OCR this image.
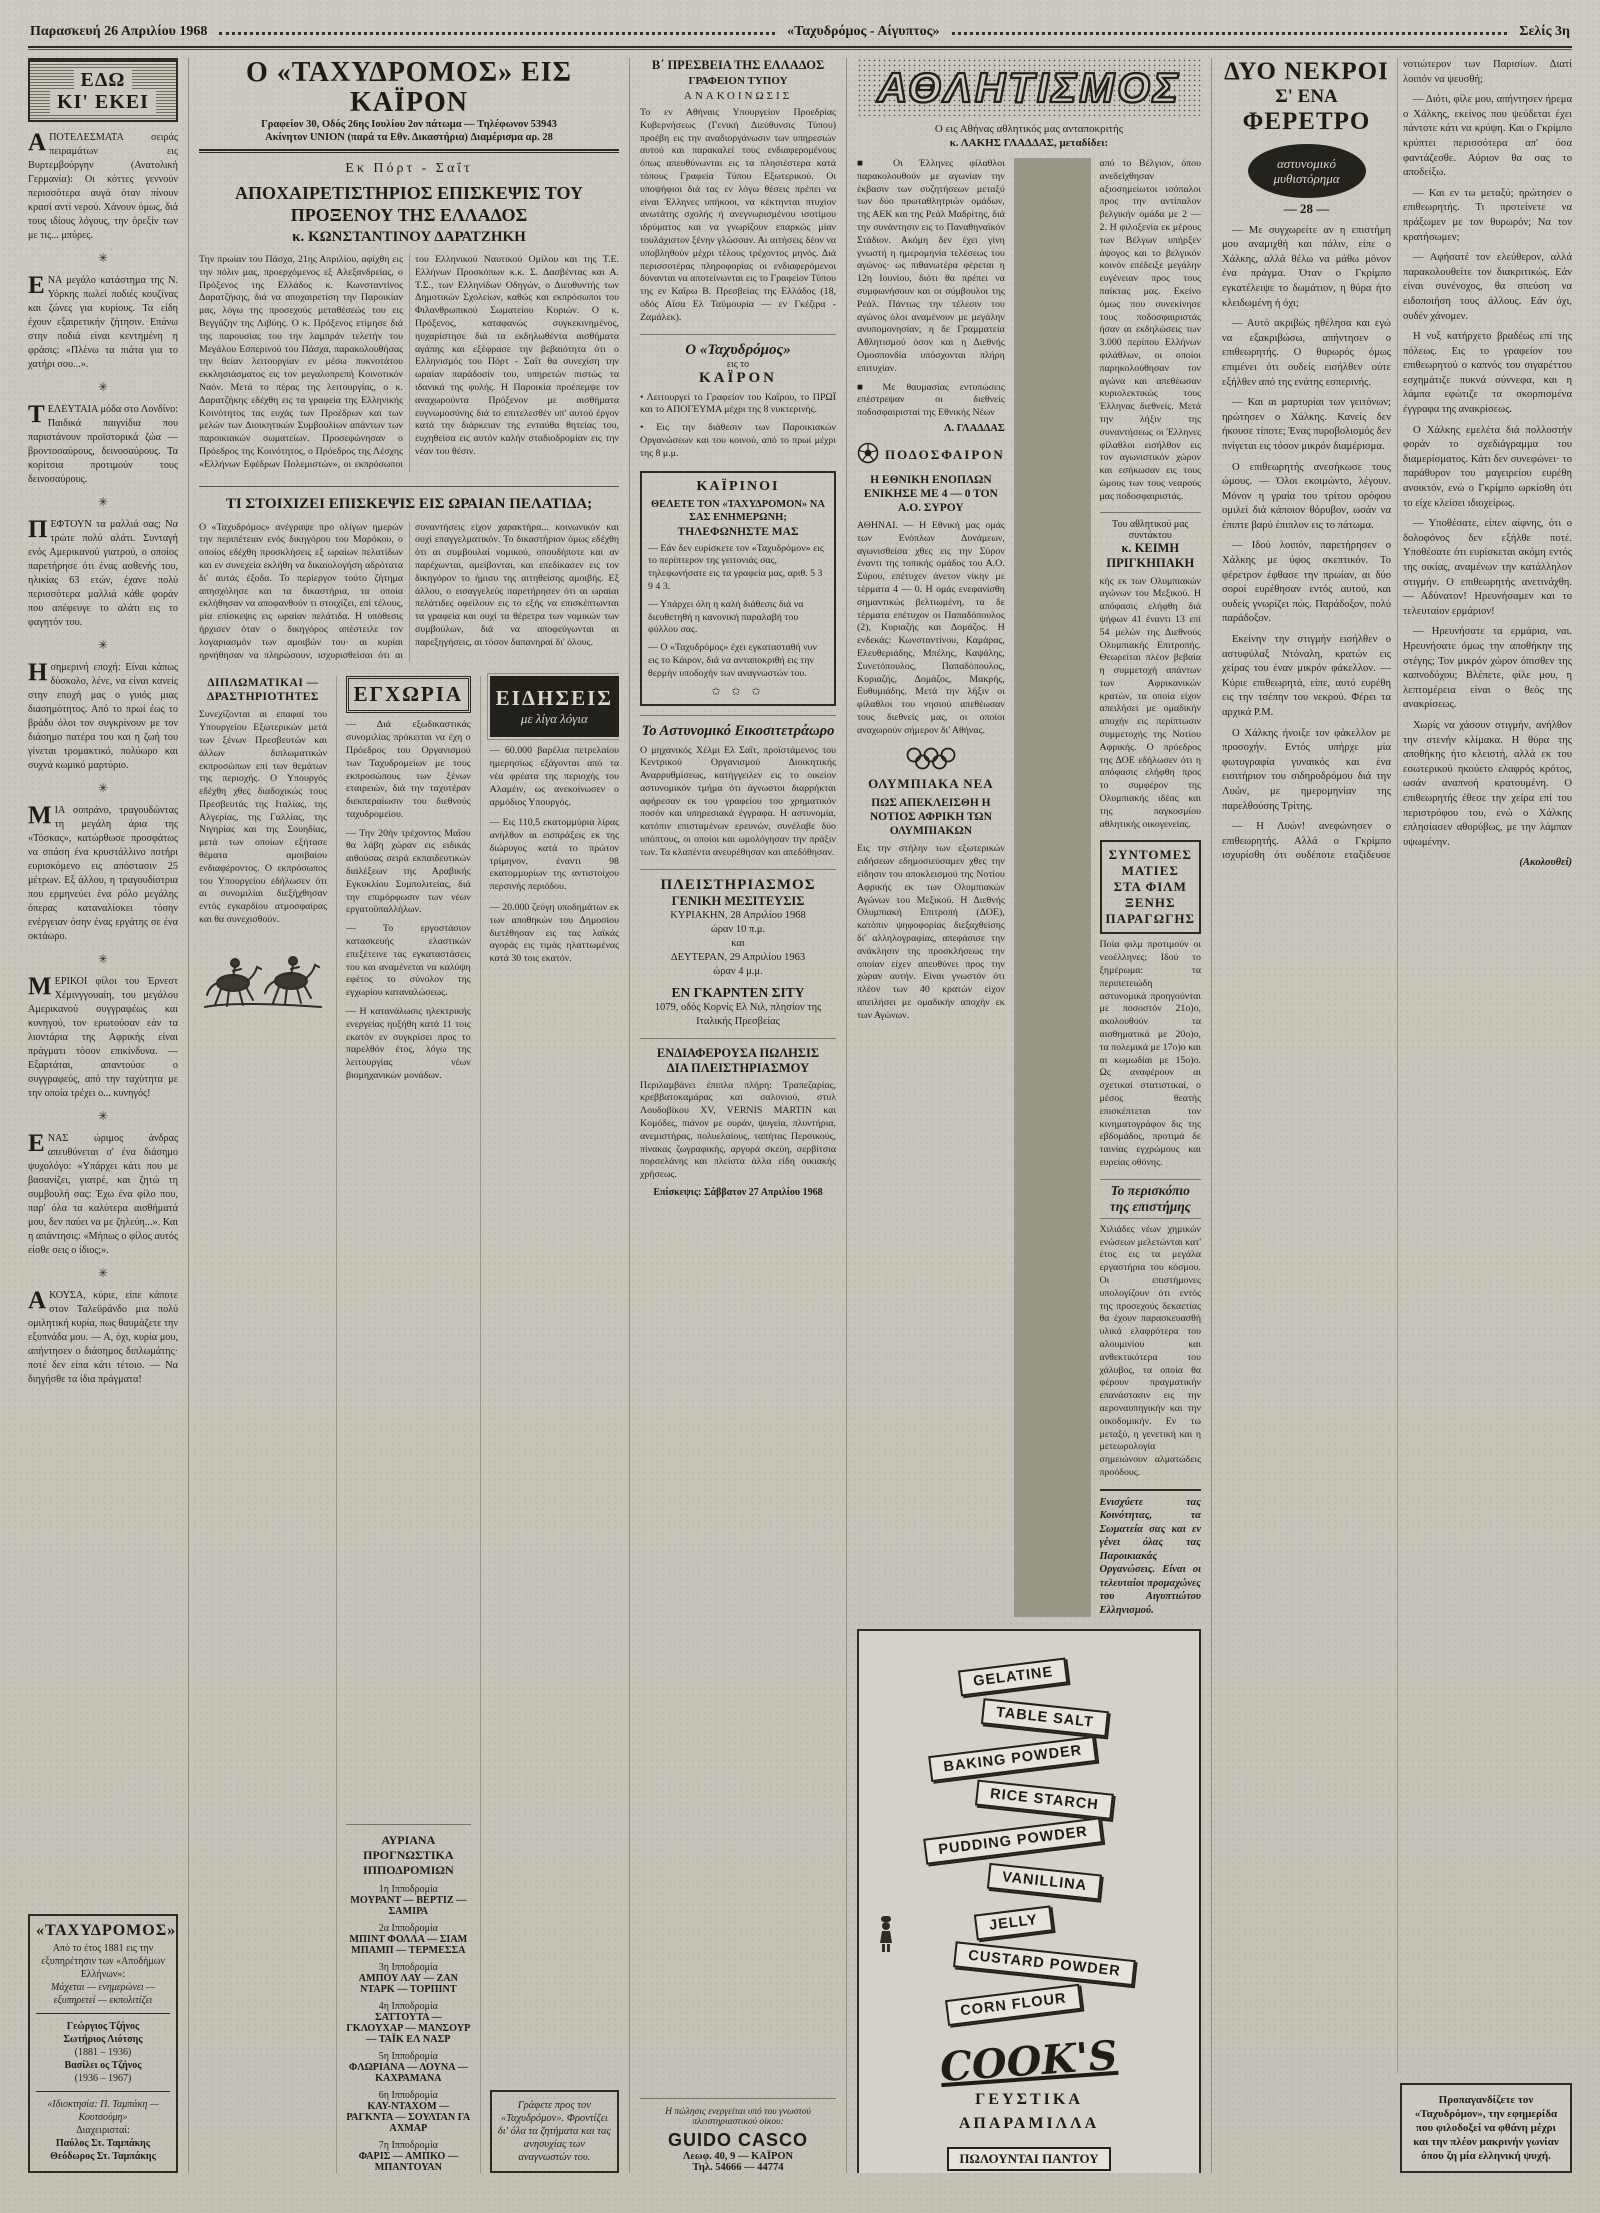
Παρασκευή 26 Απριλίου 1968	«Ταχυδρόμος - Αίγυπτος»	Σελίς 3η
ΕΔΩ
ΚΙ' ΕΚΕΙ
ΑΠΟΤΕΛΕΣΜΑΤΑ σειράς πειραμάτων εις Βυρτεμβούργην (Ανατολική Γερμανία): Οι κόττες γεννούν περισσότερα αυγά όταν πίνουν κρασί αντί νερού. Χάνουν όμως, διά τους ιδίους λόγους, την όρεξίν των με τις... μπύρες.
✳
ΕΝΑ μεγάλο κατάστημα της Ν. Υόρκης πωλεί ποδιές κουζίνας και ζώνες για κυρίους. Τα είδη έχουν εξαιρετικήν ζήτησιν. Επάνω στην ποδιά είναι κεντημένη η φράσις: «Πλένω τα πιάτα για το χατήρι σου...».
✳
ΤΕΛΕΥΤΑΙΑ μόδα στο Λονδίνο: Παιδικά παιγνίδια που παριστάνουν προϊστορικά ζώα — βροντοσαύρους, δεινοσαύρους. Τα κορίτσια προτιμούν τους δεινοσαύρους.
✳
ΠΕΦΤΟΥΝ τα μαλλιά σας; Να τρώτε πολύ αλάτι. Συνταγή ενός Αμερικανού γιατρού, ο οποίος παρετήρησε ότι ένας ασθενής του, ηλικίας 63 ετών, έχανε πολύ περισσότερα μαλλιά κάθε φοράν που απέφευγε το αλάτι εις το φαγητόν του.
✳
Ησημερινή εποχή: Είναι κάπως δύσκολο, λένε, να είναι κανείς στην εποχή μας ο γυιός μιας διασημότητος. Από το πρωί έως το βράδυ όλοι τον συγκρίνουν με τον διάσημο πατέρα του και η ζωή του γίνεται τρομακτικό, πολύωρο και συχνά κωμικό μαρτύριο.
✳
ΜΙΑ σοπράνο, τραγουδώντας τη μεγάλη άρια της «Τόσκας», κατώρθωσε προσφάτως να σπάση ένα κρυστάλλινο ποτήρι ευρισκόμενο εις απόστασιν 25 μέτρων. Εξ άλλου, η τραγουδίστρια που ερμηνεύει ένα ρόλο μεγάλης όπερας καταναλίσκει τόσην ενέργειαν όσην ένας εργάτης σε ένα οκτάωρο.
✳
ΜΕΡΙΚΟΙ φίλοι του Έρνεστ Χέμινγγουαίη, του μεγάλου Αμερικανού συγγραφέως και κυνηγού, τον ερωτούσαν εάν τα λιοντάρια της Αφρικής είναι πράγματι τόσον επικίνδυνα. — Εξαρτάται, απαντούσε ο συγγραφεύς, από την ταχύτητα με την οποία τρέχει ο... κυνηγός!
✳
ΕΝΑΣ ώριμος άνδρας απευθύνεται σ' ένα διάσημο ψυχολόγο: «Υπάρχει κάτι που με βασανίζει, γιατρέ, και ζητώ τη συμβουλή σας: Έχω ένα φίλο που, παρ' όλα τα καλύτερα αισθήματά μου, δεν παύει να με ζηλεύη...». Και η απάντησις: «Μήπως ο φίλος αυτός είσθε σεις ο ίδιος;».
✳
ΑΚΟΥΣΑ, κύριε, είπε κάποτε στον Ταλεϋράνδο μια πολύ ομιλητική κυρία, πως θαυμάζετε την εξυπνάδα μου. — Α, όχι, κυρία μου, απήντησεν ο διάσημος διπλωμάτης· ποτέ δεν είπα κάτι τέτοιο. — Να διηγήσθε τα ίδια πράγματα!
«ΤΑΧΥΔΡΟΜΟΣ»
Από το έτος 1881 εις την εξυπηρέτησιν των «Αποδήμων Ελλήνων»:
Μάχεται — ενημερώνει — εξυπηρετεί — εκπολιτίζει
Γεώργιος Τζήνος
Σωτήριος Λιότσης
(1881 – 1936)
Βασίλει ος Τζήνος
(1936 – 1967)
«Ιδιοκτησία: Π. Ταμπάκη — Κουτσούμη»
Διαχειρισταί:
Παύλος Στ. Ταμπάκης
Θεόδωρος Στ. Ταμπάκης
Ο «ΤΑΧΥΔΡΟΜΟΣ» ΕΙΣ ΚΑΪΡΟΝ
Γραφείον 30, Οδός 26ης Ιουλίου 2ον πάτωμα — Τηλέφωνον 53943
Ακίνητον UNION (παρά τα Εθν. Δικαστήρια) Διαμέρισμα αρ. 28
Εκ Πόρτ - Σαΐτ
ΑΠΟΧΑΙΡΕΤΙΣΤΗΡΙΟΣ ΕΠΙΣΚΕΨΙΣ ΤΟΥ ΠΡΟΞΕΝΟΥ ΤΗΣ ΕΛΛΑΔΟΣ
κ. ΚΩΝΣΤΑΝΤΙΝΟΥ ΔΑΡΑΤΖΗΚΗ
Την πρωίαν του Πάσχα, 21ης Απριλίου, αφίχθη εις την πόλιν μας, προερχόμενος εξ Αλεξανδρείας, ο Πρόξενος της Ελλάδος κ. Κωνσταντίνος Δαρατζήκης, διά να αποχαιρετίση την Παροικίαν μας, λόγω της προσεχούς μεταθέσεώς του εις Βεγγάζην της Λιβύης. Ο κ. Πρόξενος ετίμησε διά της παρουσίας του την λαμπράν τελετήν του Μεγάλου Εσπερινού του Πάσχα, παρακολουθήσας την θείαν λειτουργίαν εν μέσω πυκνοτάτου εκκλησιάσματος εις τον μεγαλοπρεπή Κοινοτικόν Ναόν. Μετά το πέρας της λειτουργίας, ο κ. Δαρατζήκης εδέχθη εις τα γραφεία της Ελληνικής Κοινότητος τας ευχάς των Προέδρων και των μελών των Διοικητικών Συμβουλίων απάντων των παροικιακών σωματείων. Προσεφώνησαν ο Πρόεδρος της Κοινότητος, ο Πρόεδρος της Λέσχης «Ελλήνων Εφέδρων Πολεμιστών», οι εκπρόσωποι του Ελληνικού Ναυτικού Ομίλου και της Τ.Ε. Ελλήνων Προσκόπων κ.κ. Σ. Δασβέντας και Α. Τ.Σ., των Ελληνίδων Οδηγών, ο Διευθυντής των Δημοτικών Σχολείων, καθώς και εκπρόσωποι του Φιλανθρωπικού Σωματείου Κυριών. Ο κ. Πρόξενος, καταφανώς συγκεκινημένος, ηυχαρίστησε διά τα εκδηλωθέντα αισθήματα αγάπης και εξέφρασε την βεβαιότητα ότι ο Ελληνισμός του Πόρτ - Σαΐτ θα συνεχίση την ωραίαν παράδοσίν του, υπηρετών πιστώς τα ιδανικά της φυλής. Η Παροικία προέπεμψε τον αναχωρούντα Πρόξενον με αισθήματα ευγνωμοσύνης διά το επιτελεσθέν υπ' αυτού έργον κατά την διάρκειαν της ενταύθα θητείας του, ευχηθείσα εις αυτόν καλήν σταδιοδρομίαν εις την νέαν του θέσιν.
ΤΙ ΣΤΟΙΧΙΖΕΙ ΕΠΙΣΚΕΨΙΣ ΕΙΣ ΩΡΑΙΑΝ ΠΕΛΑΤΙΔΑ;
Ο «Ταχυδρόμος» ανέγραψε προ ολίγων ημερών την περιπέτειαν ενός δικηγόρου του Μαρόκου, ο οποίος εδέχθη προσκλήσεις εξ ωραίων πελατίδων και εν συνεχεία εκλήθη να δικαιολογήση αδρότατα δι' αυτάς έξοδα. Το περίεργον τούτο ζήτημα απησχόλησε και τα δικαστήρια, τα οποία εκλήθησαν να αποφανθούν τι στοιχίζει, επί τέλους, μία επίσκεψις εις ωραίαν πελάτιδα. Η υπόθεσις ήρχισεν όταν ο δικηγόρος απέστειλε τον λογαριασμόν των αμοιβών του· αι κυρίαι ηρνήθησαν να πληρώσουν, ισχυρισθείσαι ότι αι συναντήσεις είχον χαρακτήρα... κοινωνικόν και ουχί επαγγελματικόν. Το δικαστήριον όμως εδέχθη ότι αι συμβουλαί νομικού, οπουδήποτε και αν παρέχωνται, αμείβονται, και επεδίκασεν εις τον δικηγόρον το ήμισυ της αιτηθείσης αμοιβής. Εξ άλλου, ο εισαγγελεύς παρετήρησεν ότι αι ωραίαι πελάτιδες οφείλουν εις το εξής να επισκέπτωνται τα γραφεία και ουχί τα θέρετρα των νομικών των συμβούλων, διά να αποφεύγωνται αι παρεξηγήσεις, αι τόσον δαπανηραί δι' όλους.
ΔΙΠΛΩΜΑΤΙΚΑΙ — ΔΡΑΣΤΗΡΙΟΤΗΤΕΣ
Συνεχίζονται αι επαφαί του Υπουργείου Εξωτερικών μετά των ξένων Πρεσβευτών και άλλων διπλωματικών εκπροσώπων επί των θεμάτων της περιοχής. Ο Υπουργός εδέχθη χθες διαδοχικώς τους Πρεσβευτάς της Ιταλίας, της Αλγερίας, της Γαλλίας, της Νιγηρίας και της Σουηδίας, μετά των οποίων εξήτασε θέματα αμοιβαίου ενδιαφέροντος. Ο εκπρόσωπος του Υπουργείου εδήλωσεν ότι αι συνομιλίαι διεξήχθησαν εντός εγκαρδίου ατμοσφαίρας και θα συνεχισθούν.
ΕΓΧΩΡΙΑ

— Διά εξωδικαστικάς συνομιλίας πρόκειται να έχη ο Πρόεδρος του Οργανισμού των Ταχυδρομείων με τους εκπροσώπους των ξένων εταιρειών, διά την ταχυτέραν διεκπεραίωσιν του διεθνούς ταχυδρομείου.

— Την 20ήν τρέχοντος Μαΐου θα λάβη χώραν εις ειδικάς αιθούσας σειρά εκπαιδευτικών διαλέξεων της Αραβικής Εγκυκλίου Συμπολιτείας, διά την επιμόρφωσιν των νέων εργατοϋπαλλήλων.

— Το εργοστάσιον κατασκευής ελαστικών επεξέτεινε τας εγκαταστάσεις του και αναμένεται να καλύψη εφέτος το σύνολον της εγχωρίου καταναλώσεως.

— Η κατανάλωσις ηλεκτρικής ενεργείας ηυξήθη κατά 11 τοις εκατόν εν συγκρίσει προς το παρελθόν έτος, λόγω της λειτουργίας νέων βιομηχανικών μονάδων.

ΑΥΡΙΑΝΑ ΠΡΟΓΝΩΣΤΙΚΑ
ΙΠΠΟΔΡΟΜΙΩΝ
1η Ιπποδρομία
ΜΟΥΡΑΝΤ — ΒΕΡΤΙΖ — ΣΑΜΙΡΑ
2α Ιπποδρομία
ΜΠΙΝΤ ΦΟΛΛΑ — ΣΙΑΜ ΜΠΑΜΠ — ΤΕΡΜΕΣΣΑ
3η Ιπποδρομία
ΑΜΠΟΥ ΛΑΥ — ΖΑΝ ΝΤΑΡΚ — ΤΟΡΠΙΝΤ
4η Ιπποδρομία
ΣΑΤΤΟΥΤΑ — ΓΚΛΟΥΧΑΡ — ΜΑΝΣΟΥΡ — ΤΑΪΚ ΕΛ ΝΑΣΡ
5η Ιπποδρομία
ΦΛΩΡΙΑΝΑ — ΛΟΥΝΑ — ΚΑΧΡΑΜΑΝΑ
6η Ιπποδρομία
ΚΑΥ-ΝΤΑΧΟΜ — ΡΑΓΚΝΤΑ — ΣΟΥΛΤΑΝ ΓΑ ΑΧΜΑΡ
7η Ιπποδρομία
ΦΑΡΙΣ — ΑΜΠΚΟ — ΜΠΑΝΤΟΥΑΝ
ΕΙΔΗΣΕΙΣ
με λίγα λόγια

— 60.000 βαρέλια πετρελαίου ημερησίως εξάγονται από τα νέα φρέατα της περιοχής του Αλαμέιν, ως ανεκοίνωσεν ο αρμόδιος Υπουργός.

— Εις 110,5 εκατομμύρια λίρας ανήλθον αι εισπράξεις εκ της διώρυγος κατά το πρώτον τρίμηνον, έναντι 98 εκατομμυρίων της αντιστοίχου περσινής περιόδου.

— 20.000 ζεύγη υποδημάτων εκ των αποθηκών του Δημοσίου διετέθησαν εις τας λαϊκάς αγοράς εις τιμάς ηλαττωμένας κατά 30 τοις εκατόν.

Γράφετε προς τον «Ταχυδρόμον». Φροντίζει δι' όλα τα ζητήματα και τας ανησυχίας των αναγνωστών του.
Β΄ ΠΡΕΣΒΕΙΑ ΤΗΣ ΕΛΛΑΔΟΣ
ΓΡΑΦΕΙΟΝ ΤΥΠΟΥ
ΑΝΑΚΟΙΝΩΣΙΣ
Το εν Αθήναις Υπουργείον Προεδρίας Κυβερνήσεως (Γενική Διεύθυνσις Τύπου) προέβη εις την αναδιοργάνωσιν των υπηρεσιών αυτού και παρακαλεί τους ενδιαφερομένους όπως απευθύνωνται εις τα πλησιέστερα κατά τόπους Γραφεία Τύπου Εξωτερικού. Οι υποψήφιοι διά τας εν λόγω θέσεις πρέπει να είναι Έλληνες υπήκοοι, να κέκτηνται πτυχίον ανωτάτης σχολής ή ανεγνωρισμένου ισοτίμου ιδρύματος και να γνωρίζουν επαρκώς μίαν τουλάχιστον ξένην γλώσσαν. Αι αιτήσεις δέον να υποβληθούν μέχρι τέλους τρέχοντος μηνός. Διά περισσοτέρας πληροφορίας οι ενδιαφερόμενοι δύνανται να αποτείνωνται εις το Γραφείον Τύπου της εν Καΐρω Β. Πρεσβείας της Ελλάδος (18, οδός Αΐσα Ελ Ταϋμουρία — εν Γκέζιρα - Ζαμάλεκ).
Ο «Ταχυδρόμος»
εις το
ΚΑΪΡΟΝ

• Λειτουργεί το Γραφείον του Καΐρου, το ΠΡΩΪ και το ΑΠΟΓΕΥΜΑ μέχρι της 8 νυκτερινής.

• Εις την διάθεσιν των Παροικιακών Οργανώσεων και του κοινού, από το πρωί μέχρι της 8 μ.μ.

ΚΑΪΡΙΝΟΙ
ΘΕΛΕΤΕ ΤΟΝ «ΤΑΧΥΔΡΟΜΟΝ» ΝΑ ΣΑΣ ΕΝΗΜΕΡΩΝΗ;
ΤΗΛΕΦΩΝΗΣΤΕ ΜΑΣ

— Εάν δεν ευρίσκετε τον «Ταχυδρόμον» εις το περίπτερον της γειτονιάς σας, τηλεφωνήσατε εις τα γραφεία μας, αριθ. 5 3 9 4 3.

— Υπάρχει όλη η καλή διάθεσις διά να διευθετηθή η κανονική παραλαβή του φύλλου σας.

— Ο «Ταχυδρόμος» έχει εγκατασταθή νυν εις το Κάιρον, διά να ανταποκριθή εις την θερμήν υποδοχήν των αναγνωστών του.

✩ ✩ ✩
Το Αστυνομικό Εικοσιτετράωρο
Ο μηχανικός Χέλμι Ελ Σαΐτ, προϊστάμενος του Κεντρικού Οργανισμού Διοικητικής Αναρρυθμίσεως, κατήγγειλεν εις το οικείον αστυνομικόν τμήμα ότι άγνωστοι διαρρήκται αφήρεσαν εκ του γραφείου του χρηματικόν ποσόν και υπηρεσιακά έγγραφα. Η αστυνομία, κατόπιν επισταμένων ερευνών, συνέλαβε δύο υπόπτους, οι οποίοι και ωμολόγησαν την πράξιν των. Τα κλαπέντα ανευρέθησαν και απεδόθησαν.
ΠΛΕΙΣΤΗΡΙΑΣΜΟΣ
ΓΕΝΙΚΗ ΜΕΣΙΤΕΥΣΙΣ
ΚΥΡΙΑΚΗΝ, 28 Απριλίου 1968
ώραν 10 π.μ.
και
ΔΕΥΤΕΡΑΝ, 29 Απριλίου 1963
ώραν 4 μ.μ.
ΕΝ ΓΚΑΡΝΤΕΝ ΣΙΤΥ
1079, οδός Κορνίς Ελ Νιλ, πλησίον της Ιταλικής Πρεσβείας
ΕΝΔΙΑΦΕΡΟΥΣΑ ΠΩΛΗΣΙΣ
ΔΙΑ ΠΛΕΙΣΤΗΡΙΑΣΜΟΥ
Περιλαμβάνει έπιπλα πλήρη: Τραπεζαρίας, κρεββατοκαμάρας και σαλονιού, στυλ Λουδοβίκου XV, VERNIS MARTIN και Κομόδες, πιάνον με ουράν, ψυγεία, πλυντήρια, ανεμιστήρας, πολυελαίους, ταπήτας Περσικούς, πίνακας ζωγραφικής, αργυρά σκεύη, σερβίτσια πορσελάνης και πλείστα άλλα είδη οικιακής χρήσεως.
Επίσκεψις: Σάββατον 27 Απριλίου 1968
Η πώλησις ενεργείται υπό του γνωστού πλειστηριαστικού οίκου:
GUIDO CASCO
Λεωφ. 40, 9 — ΚΑΪΡΟΝ
Τηλ. 54666 — 44774
ΑΘΛΗΤΙΣΜΟΣ
Ο εις Αθήνας αθλητικός μας ανταποκριτής
κ. ΛΑΚΗΣ ΓΛΑΔΔΑΣ, μεταδίδει:

■ Οι Έλληνες φίλαθλοι παρακολουθούν με αγωνίαν την έκβασιν των συζητήσεων μεταξύ των δύο πρωταθλητριών ομάδων, της ΑΕΚ και της Ρεάλ Μαδρίτης, διά την συνάντησιν εις το Παναθηναϊκόν Στάδιον. Ακόμη δεν έχει γίνη γνωστή η ημερομηνία τελέσεως του αγώνος· ως πιθανωτέρα φέρεται η 12η Ιουνίου, διότι θα πρέπει να συμφωνήσουν και οι σύμβουλοι της Ρεάλ. Πάντως την τέλεσιν του αγώνος όλοι αναμένουν με μεγάλην ανυπομονησίαν, η δε Γραμματεία Αθλητισμού όσον και η Διεθνής Ομοσπονδία υπόσχονται πλήρη επιτυχίαν.

■ Με θαυμασίας εντυπώσεις επέστρεψαν οι διεθνείς ποδοσφαιρισταί της Εθνικής Νέων

Λ. ΓΛΑΔΔΑΣ
ΠΟΔΟΣΦΑΙΡΟΝ
Η ΕΘΝΙΚΗ ΕΝΟΠΛΩΝ ΕΝΙΚΗΣΕ ΜΕ 4 — 0 ΤΟΝ Α.Ο. ΣΥΡΟΥ
ΑΘΗΝΑΙ. — Η Εθνική μας ομάς των Ενόπλων Δυνάμεων, αγωνισθείσα χθες εις την Σύρον έναντι της τοπικής ομάδος του Α.Ο. Σύρου, επέτυχεν άνετον νίκην με τέρματα 4 — 0. Η ομάς ενεφανίσθη σημαντικώς βελτιωμένη, τα δε τέρματα επέτυχον οι Παπαδόπουλος (2), Κυριαζής και Δομάζος. Η ενδεκάς: Κωνσταντίνου, Καμάρας, Ελευθεριάδης, Μπέλης, Καψάλης, Συνετόπουλος, Παπαδόπουλος, Κυριαζής, Δομάζος, Μακρής, Ευθυμιάδης. Μετά την λήξιν οι φίλαθλοι του νησιού απεθέωσαν τους διεθνείς μας, οι οποίοι αναχωρούν σήμερον δι' Αθήνας.
ΟΛΥΜΠΙΑΚΑ ΝΕΑ
ΠΩΣ ΑΠΕΚΛΕΙΣΘΗ Η ΝΟΤΙΟΣ ΑΦΡΙΚΗ ΤΩΝ ΟΛΥΜΠΙΑΚΩΝ
Εις την στήλην των εξωτερικών ειδήσεων εδημοσιεύσαμεν χθες την είδησιν του αποκλεισμού της Νοτίου Αφρικής εκ των Ολυμπιακών Αγώνων του Μεξικού. Η Διεθνής Ολυμπιακή Επιτροπή (ΔΟΕ), κατόπιν ψηφοφορίας διεξαχθείσης δι' αλληλογραφίας, απεφάσισε την ανάκλησιν της προσκλήσεως την οποίαν είχεν απευθύνει προς την χώραν αυτήν. Είναι γνωστόν ότι πλέον των 40 κρατών είχον απειλήσει με ομαδικήν αποχήν εκ των Αγώνων.
από το Βέλγιον, όπου ανεδείχθησαν αξιοσημείωτοι ισόπαλοι προς την αντίπαλον βελγικήν ομάδα με 2 — 2. Η φιλοξενία εκ μέρους των Βέλγων υπήρξεν άψογος και το βελγικόν κοινόν επέδειξε μεγάλην ευγένειαν προς τους παίκτας μας. Εκείνο όμως που συνεκίνησε τους ποδοσφαιριστάς ήσαν αι εκδηλώσεις των 3.000 περίπου Ελλήνων φιλάθλων, οι οποίοι παρηκολούθησαν τον αγώνα και απεθέωσαν κυριολεκτικώς τους Έλληνας διεθνείς. Μετά την λήξιν της συναντήσεως οι Έλληνες φίλαθλοι εισήλθον εις τον αγωνιστικόν χώρον και εσήκωσαν εις τους ώμους των τους νεαρούς μας ποδοσφαιριστάς.
Του αθλητικού μας συντάκτου
κ. ΚΕΙΜΗ ΠΡΙΓΚΗΠΑΚΗ
κής εκ των Ολυμπιακών αγώνων του Μεξικού. Η απόφασις ελήφθη διά ψήφων 41 έναντι 13 επί 54 μελών της Διεθνούς Ολυμπιακής Επιτροπής. Θεωρείται πλέον βεβαία η συμμετοχή απάντων των Αφρικανικών κρατών, τα οποία είχον απειλήσει με ομαδικήν αποχήν εις περίπτωσιν συμμετοχής της Νοτίου Αφρικής. Ο πρόεδρος της ΔΟΕ εδήλωσεν ότι η απόφασις ελήφθη προς το συμφέρον της Ολυμπιακής ιδέας και της παγκοσμίου αθλητικής οικογενείας.
ΣΥΝΤΟΜΕΣ ΜΑΤΙΕΣ
ΣΤΑ ΦΙΛΜ
ΞΕΝΗΣ ΠΑΡΑΓΩΓΗΣ
Ποία φιλμ προτιμούν οι νεοέλληνες; Ιδού το ξημέρωμα: τα περιπετειώδη αστυνομικά προηγούνται με ποσοστόν 21ο)ο, ακολουθούν τα αισθηματικά με 20ο)ο, τα πολεμικά με 17ο)ο και αι κωμωδίαι με 15ο)ο. Ως αναφέρουν αι σχετικαί στατιστικαί, ο μέσος θεατής επισκέπτεται τον κινηματογράφον δις της εβδομάδος, προτιμά δε ταινίας εγχρώμους και ευρείας οθόνης.
Το περισκόπιο της επιστήμης
Χιλιάδες νέων χημικών ενώσεων μελετώνται κατ' έτος εις τα μεγάλα εργαστήρια του κόσμου. Οι επιστήμονες υπολογίζουν ότι εντός της προσεχούς δεκαετίας θα έχουν παρασκευασθή υλικά ελαφρότερα του αλουμινίου και ανθεκτικότερα του χάλυβος, τα οποία θα φέρουν πραγματικήν επανάστασιν εις την αεροναυπηγικήν και την οικοδομικήν. Εν τω μεταξύ, η γενετική και η μετεωρολογία σημειώνουν αλματώδεις προόδους.
Ενισχύετε τας Κοινότητας, τα Σωματεία σας και εν γένει όλας τας Παροικιακάς Οργανώσεις. Είναι οι τελευταίοι προμαχώνες του Αιγυπτιώτου Ελληνισμού.
GELATINE
TABLE SALT
BAKING POWDER
RICE STARCH
PUDDING POWDER
VANILLINA
JELLY
CUSTARD POWDER
CORN FLOUR
COOK'S
ΓΕΥΣΤΙΚΑ
ΑΠΑΡΑΜΙΛΛΑ
ΠΩΛΟΥΝΤΑΙ ΠΑΝΤΟΥ
ΔΥΟ ΝΕΚΡΟΙ
Σ' ΕΝΑ
ΦΕΡΕΤΡΟ
αστυνομικό
μυθιστόρημα
— 28 —

— Με συγχωρείτε αν η επιστήμη μου αναμιχθή και πάλιν, είπε ο Χάλκης, αλλά θέλω να μάθω μόνον ένα πράγμα. Όταν ο Γκρίμπο εγκατέλειψε το δωμάτιον, η θύρα ήτο κλειδωμένη ή όχι;

— Αυτό ακριβώς ηθέλησα και εγώ να εξακριβώσω, απήντησεν ο επιθεωρητής. Ο θυρωρός όμως επιμένει ότι ουδείς εισήλθεν ούτε εξήλθεν από της ενάτης εσπερινής.

— Και αι μαρτυρίαι των γειτόνων; ηρώτησεν ο Χάλκης. Κανείς δεν ήκουσε τίποτε; Ένας πυροβολισμός δεν πνίγεται εις τόσον μικρόν διαμέρισμα.

Ο επιθεωρητής ανεσήκωσε τους ώμους. — Όλοι εκοιμώντο, λέγουν. Μόνον η γραία του τρίτου ορόφου ομιλεί διά κάποιον θόρυβον, ωσάν να έπιπτε βαρύ έπιπλον εις το πάτωμα.

— Ιδού λοιπόν, παρετήρησεν ο Χάλκης με ύφος σκεπτικόν. Το φέρετρον έφθασε την πρωίαν, αι δύο σοροί ευρέθησαν εντός αυτού, και ουδείς γνωρίζει πώς. Παράδοξον, πολύ παράδοξον.

Εκείνην την στιγμήν εισήλθεν ο αστυφύλαξ Ντόναλη, κρατών εις χείρας του έναν μικρόν φάκελλον. — Κύριε επιθεωρητά, είπε, αυτό ευρέθη εις την τσέπην του νεκρού. Φέρει τα αρχικά Ρ.Μ.

Ο Χάλκης ήνοιξε τον φάκελλον με προσοχήν. Εντός υπήρχε μία φωτογραφία γυναικός και ένα εισιτήριον του σιδηροδρόμου διά την Λυών, με ημερομηνίαν της παρελθούσης Τρίτης.

— Η Λυών! ανεφώνησεν ο επιθεωρητής. Αλλά ο Γκρίμπο ισχυρίσθη ότι ουδέποτε εταξίδευσε νοτιώτερον των Παρισίων. Διατί λοιπόν να ψευσθή;

— Διότι, φίλε μου, απήντησεν ήρεμα ο Χάλκης, εκείνος που ψεύδεται έχει πάντοτε κάτι να κρύψη. Και ο Γκρίμπο κρύπτει περισσότερα απ' όσα φαντάζεσθε. Αύριον θα σας το αποδείξω.

— Και εν τω μεταξύ; ηρώτησεν ο επιθεωρητής. Τι προτείνετε να πράξωμεν με τον θυρωρόν; Να τον κρατήσωμεν;

— Αφήσατέ τον ελεύθερον, αλλά παρακολουθείτε τον διακριτικώς. Εάν είναι συνένοχος, θα σπεύση να ειδοποιήση τους άλλους. Εάν όχι, ουδέν χάνομεν.

Η νυξ κατήρχετο βραδέως επί της πόλεως. Εις το γραφείον του επιθεωρητού ο καπνός του σιγαρέττου εσχημάτιζε πυκνά σύννεφα, και η λάμπα εφώτιζε τα σκορπισμένα έγγραφα της ανακρίσεως.

Ο Χάλκης εμελέτα διά πολλοστήν φοράν το σχεδιάγραμμα του διαμερίσματος. Κάτι δεν συνεφώνει· το παράθυρον του μαγειρείου ευρέθη ανοικτόν, ενώ ο Γκρίμπο ωρκίσθη ότι το είχε κλείσει ιδιοχείρως.

— Υποθέσατε, είπεν αίφνης, ότι ο δολοφόνος δεν εξήλθε ποτέ. Υποθέσατε ότι ευρίσκεται ακόμη εντός της οικίας, αναμένων την κατάλληλον στιγμήν. Ο επιθεωρητής ανετινάχθη. — Αδύνατον! Ηρευνήσαμεν και το τελευταίον ερμάριον!

— Ηρευνήσατε τα ερμάρια, ναι. Ηρευνήσατε όμως την αποθήκην της στέγης; Τον μικρόν χώρον όπισθεν της καπνοδόχου; Βλέπετε, φίλε μου, η λεπτομέρεια είναι ο θεός της ανακρίσεως.

Χωρίς να χάσουν στιγμήν, ανήλθον την στενήν κλίμακα. Η θύρα της αποθήκης ήτο κλειστή, αλλά εκ του εσωτερικού ηκούετο ελαφρός κρότος, ωσάν αναπνοή κρατουμένη. Ο επιθεωρητής έθεσε την χείρα επί του περιστρόφου του, ενώ ο Χάλκης επλησίασεν αθορύβως, με την λάμπαν υψωμένην.

(Ακολουθεί)
Προπαγανδίζετε τον «Ταχυδρόμον», την εφημερίδα που φιλοδοξεί να φθάνη μέχρι και την πλέον μακρινήν γωνίαν όπου ζη μία ελληνική ψυχή.
